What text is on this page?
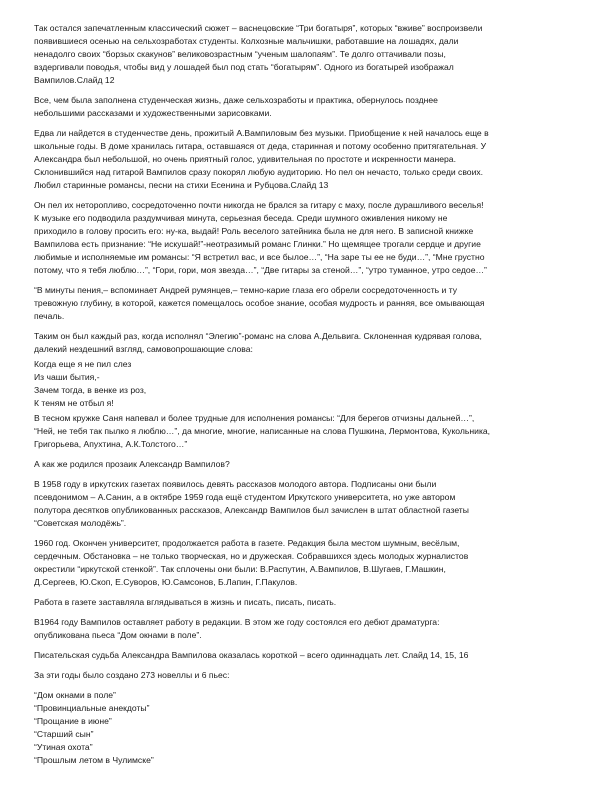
Так остался запечатленным классический сюжет – васнецовские “Три богатыря”, которых “вживе” воспроизвели
появившиеся осенью на сельхозработах студенты. Колхозные мальчишки, работавшие на лошадях, дали
ненадолго своих “борзых скакунов” великовозрастным “ученым шалопаям”. Те долго оттачивали позы,
вздергивали поводья, чтобы вид у лошадей был под стать “богатырям”. Одного из богатырей изображал
Вампилов.Слайд 12
Все, чем была заполнена студенческая жизнь, даже сельхозработы и практика, обернулось позднее
небольшими рассказами и художественными зарисовками.
Едва ли найдется в студенчестве день, прожитый А.Вампиловым без музыки. Приобщение к ней началось еще в
школьные годы. В доме хранилась гитара, оставшаяся от деда, старинная и потому особенно притягательная. У
Александра был небольшой, но очень приятный голос, удивительная по простоте и искренности манера.
Склонившийся над гитарой Вампилов сразу покорял любую аудиторию. Но пел он нечасто, только среди своих.
Любил старинные романсы, песни на стихи Есенина и Рубцова.Слайд 13
Он пел их неторопливо, сосредоточенно почти никогда не брался за гитару с маху, после дурашливого веселья!
К музыке его подводила раздумчивая минута, серьезная беседа. Среди шумного оживления никому не
приходило в голову просить его: ну-ка, выдай! Роль веселого затейника была не для него. В записной книжке
Вампилова есть признание: “Не искушай!”-неотразимый романс Глинки.” Но щемящее трогали сердце и другие
любимые и исполняемые им романсы: “Я встретил вас, и все былое…”, “На заре ты ее не буди…”, “Мне грустно
потому, что я тебя люблю…”, “Гори, гори, моя звезда…”, “Две гитары за стеной…”, “утро туманное, утро седое…”
“В минуты пения,– вспоминает Андрей румянцев,– темно-карие глаза его обрели сосредоточенность и ту
тревожную глубину, в которой, кажется помещалось особое знание, особая мудрость и ранняя, все омывающая
печаль.
Таким он был каждый раз, когда исполнял “Элегию”-романс на слова А.Дельвига. Склоненная кудрявая голова,
далекий нездешний взгляд, самовопрошающие слова:
Когда еще я не пил слез
Из чаши бытия,-
Зачем тогда, в венке из роз,
К теням не отбыл я!
В тесном кружке Саня напевал и более трудные для исполнения романсы: “Для берегов отчизны дальней…”,
“Ней, не тебя так пылко я люблю…”, да многие, многие, написанные на слова Пушкина, Лермонтова, Кукольника,
Григорьева, Апухтина, А.К.Толстого…”
А как же родился прозаик Александр Вампилов?
В 1958 году в иркутских газетах появилось девять рассказов молодого автора. Подписаны они были
псевдонимом – А.Санин, а в октябре 1959 года ещё студентом Иркутского университета, но уже автором
полутора десятков опубликованных рассказов, Александр Вампилов был зачислен в штат областной газеты
“Советская молодёжь”.
1960 год. Окончен университет, продолжается работа в газете. Редакция была местом шумным, весёлым,
сердечным. Обстановка – не только творческая, но и дружеская. Собравшихся здесь молодых журналистов
окрестили “иркутской стенкой”. Так сплочены они были: В.Распутин, А.Вампилов, В.Шугаев, Г.Машкин,
Д.Сергеев, Ю.Скоп, Е.Суворов, Ю.Самсонов, Б.Лапин, Г.Пакулов.
Работа в газете заставляла вглядываться в жизнь и писать, писать, писать.
В1964 году Вампилов оставляет работу в редакции. В этом же году состоялся его дебют драматурга:
опубликована пьеса “Дом окнами в поле”.
Писательская судьба Александра Вампилова оказалась короткой – всего одиннадцать лет. Слайд 14, 15, 16
За эти годы было создано 273 новеллы и 6 пьес:
“Дом окнами в поле”
“Провинциальные анекдоты”
“Прощание в июне”
“Старший сын”
“Утиная охота”
“Прошлым летом в Чулимске”
